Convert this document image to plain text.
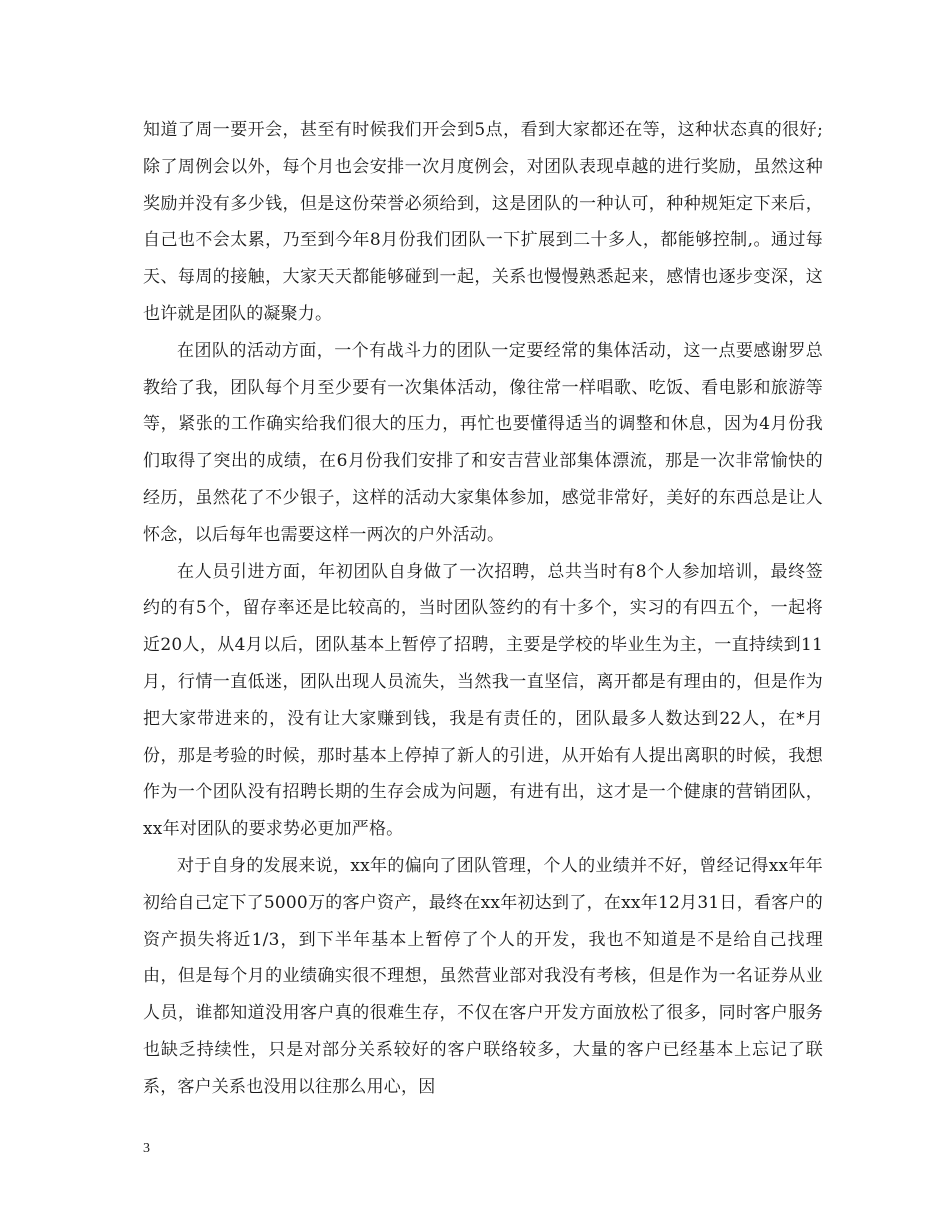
知道了周一要开会，甚至有时候我们开会到5点，看到大家都还在等，这种状态真的很好;除了周例会以外，每个月也会安排一次月度例会，对团队表现卓越的进行奖励，虽然这种奖励并没有多少钱，但是这份荣誉必须给到，这是团队的一种认可，种种规矩定下来后，自己也不会太累，乃至到今年8月份我们团队一下扩展到二十多人，都能够控制,。通过每天、每周的接触，大家天天都能够碰到一起，关系也慢慢熟悉起来，感情也逐步变深，这也许就是团队的凝聚力。

在团队的活动方面，一个有战斗力的团队一定要经常的集体活动，这一点要感谢罗总教给了我，团队每个月至少要有一次集体活动，像往常一样唱歌、吃饭、看电影和旅游等等，紧张的工作确实给我们很大的压力，再忙也要懂得适当的调整和休息，因为4月份我们取得了突出的成绩，在6月份我们安排了和安吉营业部集体漂流，那是一次非常愉快的经历，虽然花了不少银子，这样的活动大家集体参加，感觉非常好，美好的东西总是让人怀念，以后每年也需要这样一两次的户外活动。

在人员引进方面，年初团队自身做了一次招聘，总共当时有8个人参加培训，最终签约的有5个，留存率还是比较高的，当时团队签约的有十多个，实习的有四五个，一起将近20人，从4月以后，团队基本上暂停了招聘，主要是学校的毕业生为主，一直持续到11月，行情一直低迷，团队出现人员流失，当然我一直坚信，离开都是有理由的，但是作为把大家带进来的，没有让大家赚到钱，我是有责任的，团队最多人数达到22人，在*月份，那是考验的时候，那时基本上停掉了新人的引进，从开始有人提出离职的时候，我想作为一个团队没有招聘长期的生存会成为问题，有进有出，这才是一个健康的营销团队，xx年对团队的要求势必更加严格。

对于自身的发展来说，xx年的偏向了团队管理，个人的业绩并不好，曾经记得xx年年初给自己定下了5000万的客户资产，最终在xx年初达到了，在xx年12月31日，看客户的资产损失将近1/3，到下半年基本上暂停了个人的开发，我也不知道是不是给自己找理由，但是每个月的业绩确实很不理想，虽然营业部对我没有考核，但是作为一名证券从业人员，谁都知道没用客户真的很难生存，不仅在客户开发方面放松了很多，同时客户服务也缺乏持续性，只是对部分关系较好的客户联络较多，大量的客户已经基本上忘记了联系，客户关系也没用以往那么用心，因

3
